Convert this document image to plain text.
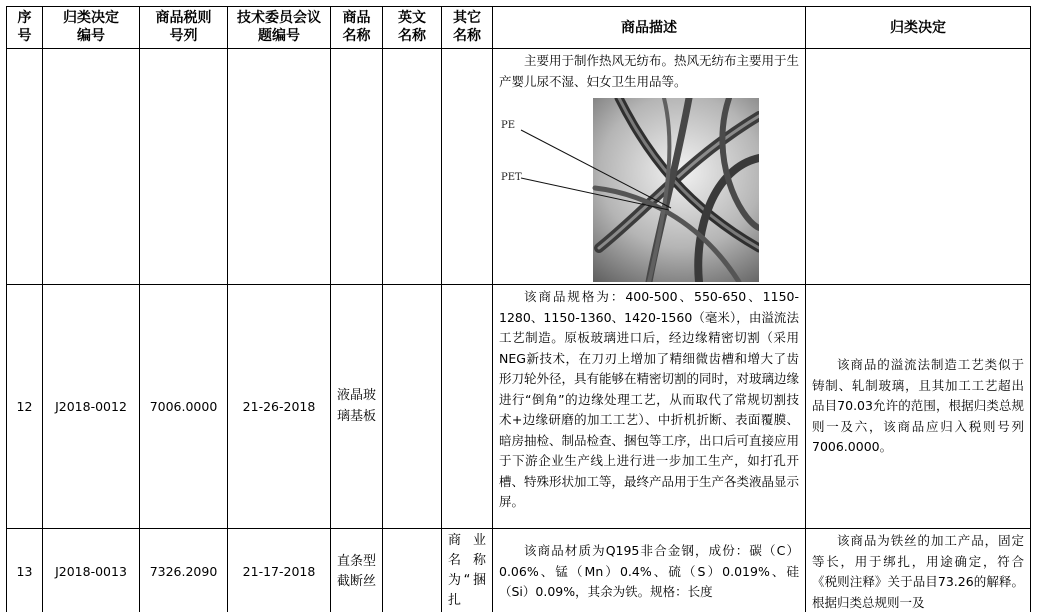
序号	归类决定编号	商品税则号列	技术委员会议题编号	商品名称	英文名称	其它名称	商品描述	归类决定

							主要用于制作热风无纺布。热风无纺布主要用于生产婴儿尿不湿、妇女卫生用品等。

PE
PET	

12	J2018-0012	7006.0000	21-26-2018	液晶玻璃基板			该商品规格为：400-500、550-650、1150-1280、1150-1360、1420-1560（毫米），由溢流法工艺制造。原板玻璃进口后，经边缘精密切割（采用NEG新技术，在刀刃上增加了精细微齿槽和增大了齿形刀轮外径，具有能够在精密切割的同时，对玻璃边缘进行“倒角”的边缘处理工艺，从而取代了常规切割技术+边缘研磨的加工工艺）、中折机折断、表面覆膜、暗房抽检、制品检查、捆包等工序，出口后可直接应用于下游企业生产线上进行进一步加工生产，如打孔开槽、特殊形状加工等，最终产品用于生产各类液晶显示屏。	该商品的溢流法制造工艺类似于铸制、轧制玻璃，且其加工工艺超出品目70.03允许的范围，根据归类总规则一及六，该商品应归入税则号列7006.0000。

13	J2018-0013	7326.2090	21-17-2018	直条型截断丝		商业名称为“捆扎	该商品材质为Q195非合金钢，成份：碳（C）0.06%、锰（Mn）0.4%、硫（S）0.019%、硅（Si）0.09%，其余为铁。规格：长度	该商品为铁丝的加工产品，固定等长，用于绑扎，用途确定，符合《税则注释》关于品目73.26的解释。根据归类总规则一及
